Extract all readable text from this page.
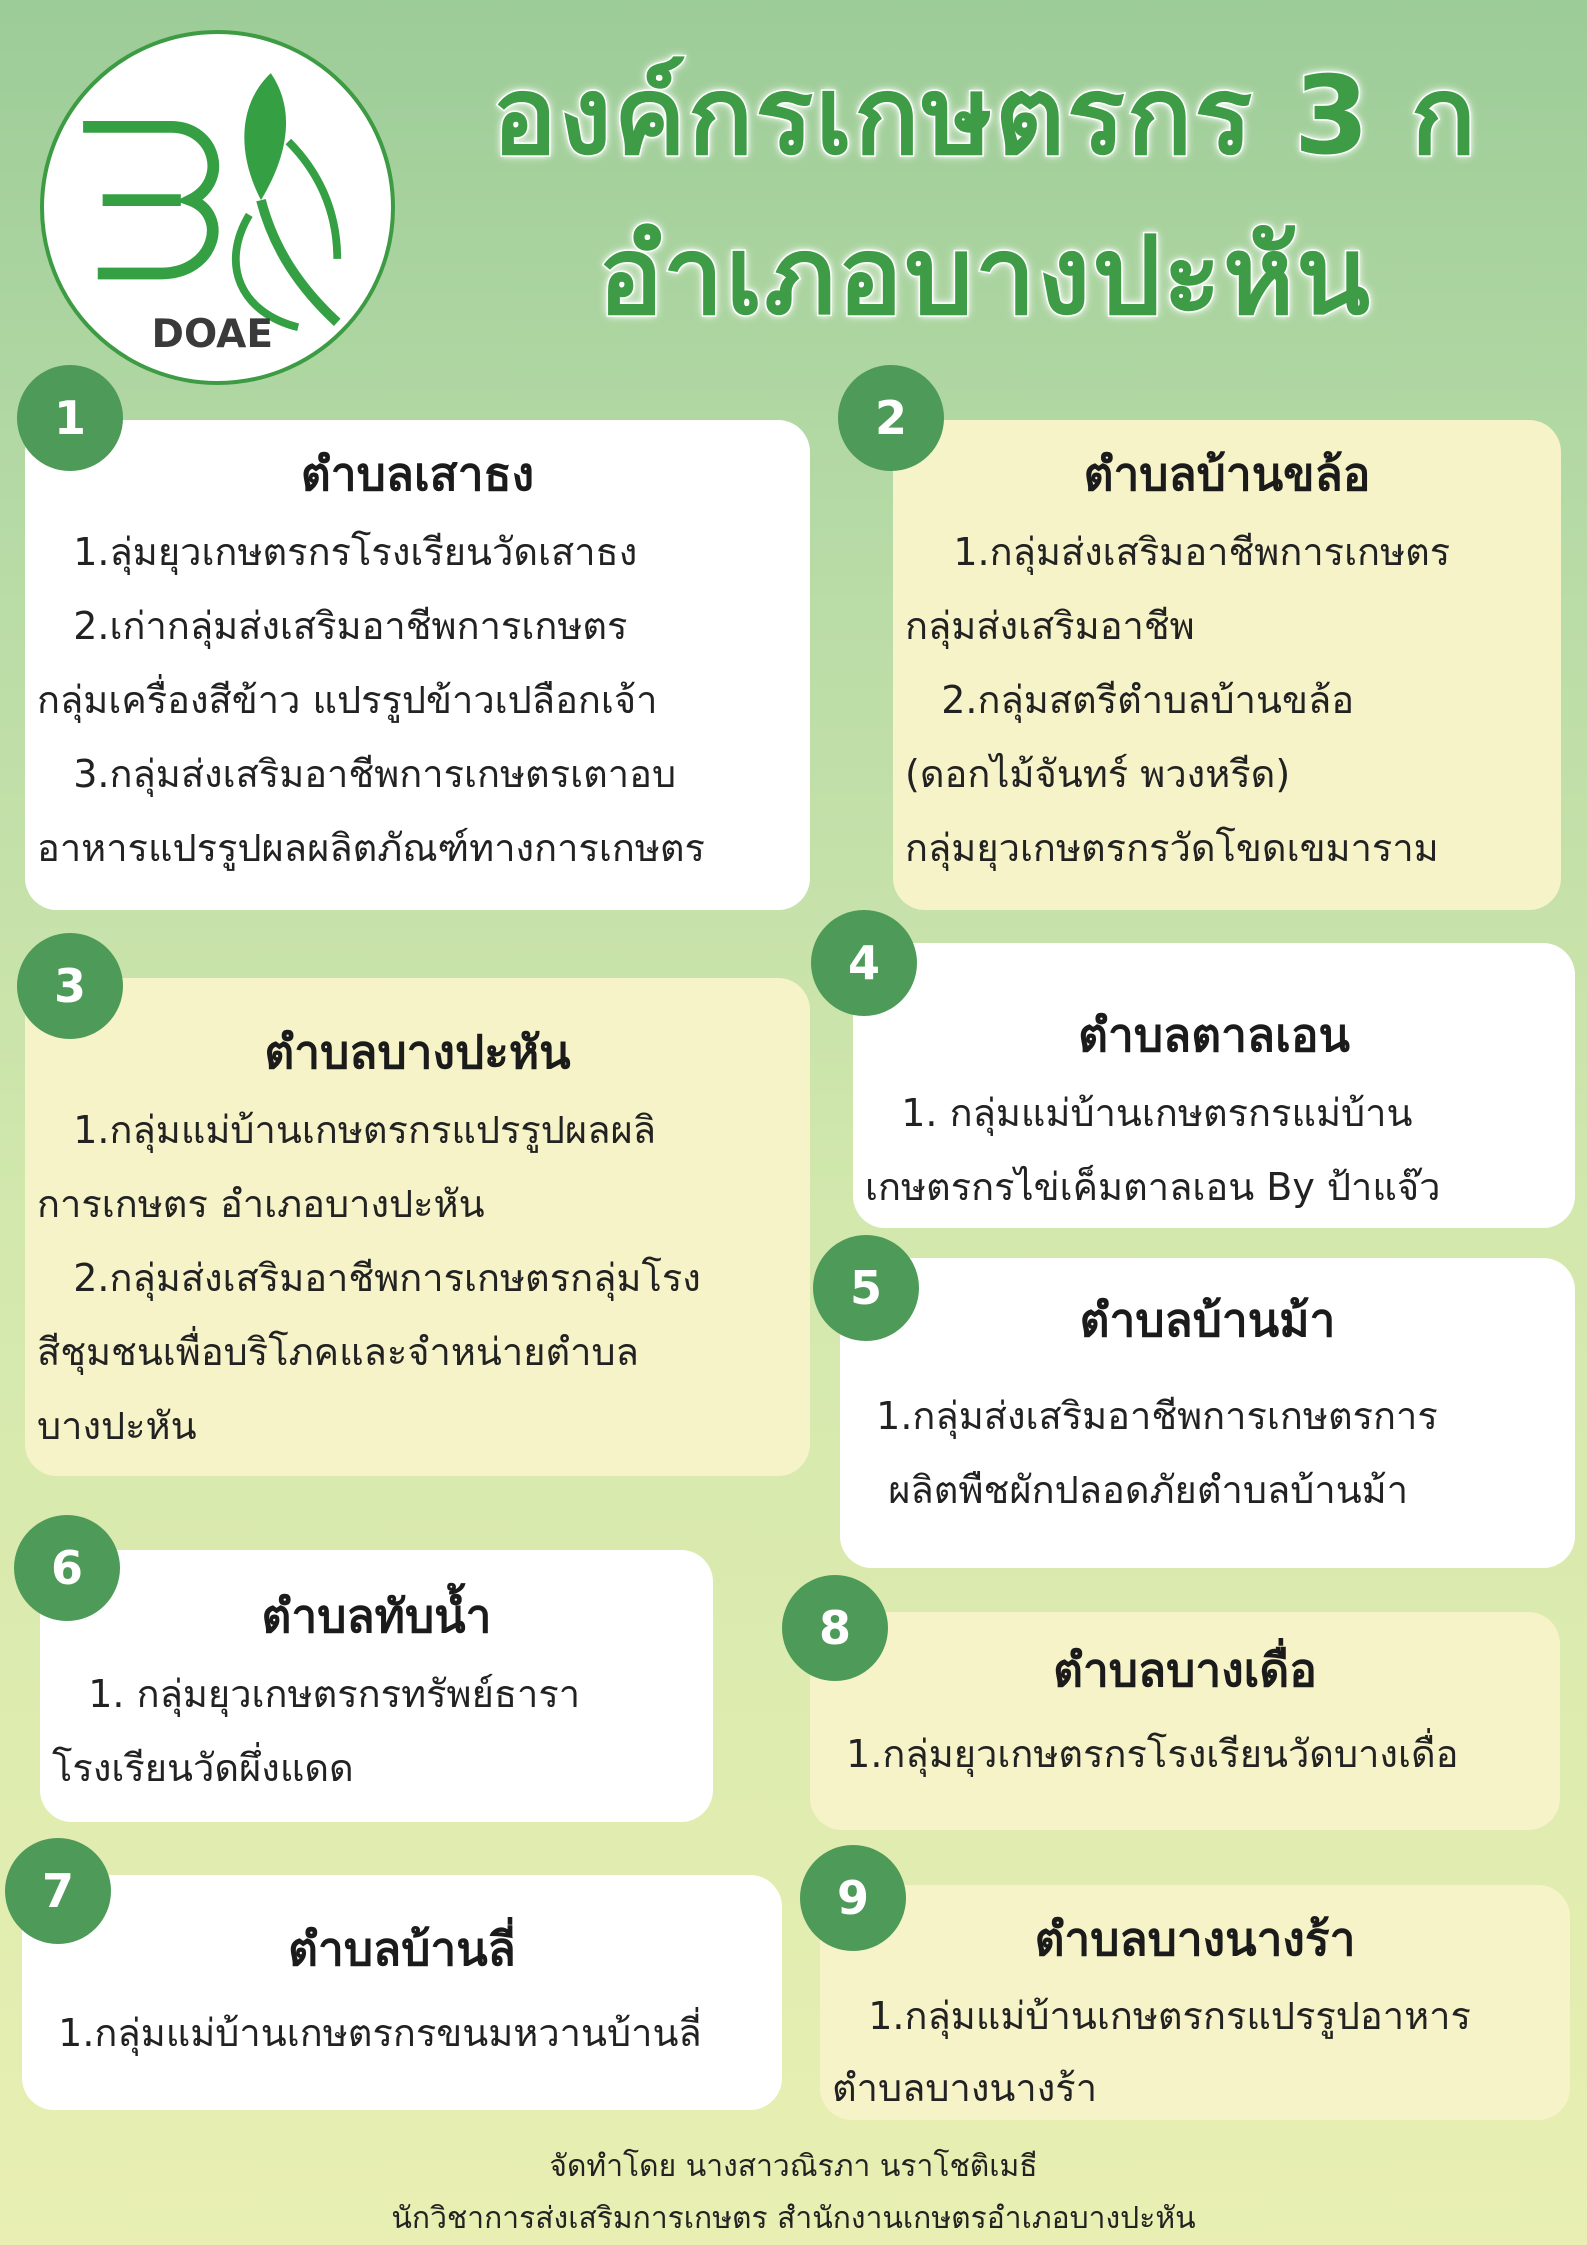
DOAE
องค์กรเกษตรกร 3 ก
อำเภอบางปะหัน
ตำบลเสาธง
1.ลุ่มยุวเกษตรกรโรงเรียนวัดเสาธง
2.เก่ากลุ่มส่งเสริมอาชีพการเกษตร
กลุ่มเครื่องสีข้าว แปรรูปข้าวเปลือกเจ้า
3.กลุ่มส่งเสริมอาชีพการเกษตรเตาอบ
อาหารแปรรูปผลผลิตภัณฑ์ทางการเกษตร
1
ตำบลบ้านขล้อ
1.กลุ่มส่งเสริมอาชีพการเกษตร
กลุ่มส่งเสริมอาชีพ
2.กลุ่มสตรีตำบลบ้านขล้อ
(ดอกไม้จันทร์ พวงหรีด)
กลุ่มยุวเกษตรกรวัดโขดเขมาราม
2
ตำบลบางปะหัน
1.กลุ่มแม่บ้านเกษตรกรแปรรูปผลผลิ
การเกษตร อำเภอบางปะหัน
2.กลุ่มส่งเสริมอาชีพการเกษตรกลุ่มโรง
สีชุมชนเพื่อบริโภคและจำหน่ายตำบล
บางปะหัน
3
ตำบลตาลเอน
1. กลุ่มแม่บ้านเกษตรกรแม่บ้าน
เกษตรกรไข่เค็มตาลเอน By ป้าแจ๊ว
4
ตำบลบ้านม้า
1.กลุ่มส่งเสริมอาชีพการเกษตรการ
ผลิตพืชผักปลอดภัยตำบลบ้านม้า
5
ตำบลทับน้ำ
1. กลุ่มยุวเกษตรกรทรัพย์ธารา
โรงเรียนวัดผึ่งแดด
6
ตำบลบางเดื่อ
1.กลุ่มยุวเกษตรกรโรงเรียนวัดบางเดื่อ
8
ตำบลบ้านลี่
1.กลุ่มแม่บ้านเกษตรกรขนมหวานบ้านลี่
7
ตำบลบางนางร้า
1.กลุ่มแม่บ้านเกษตรกรแปรรูปอาหาร
ตำบลบางนางร้า
9
จัดทำโดย นางสาวณิรภา นราโชติเมธี
นักวิชาการส่งเสริมการเกษตร สำนักงานเกษตรอำเภอบางปะหัน
